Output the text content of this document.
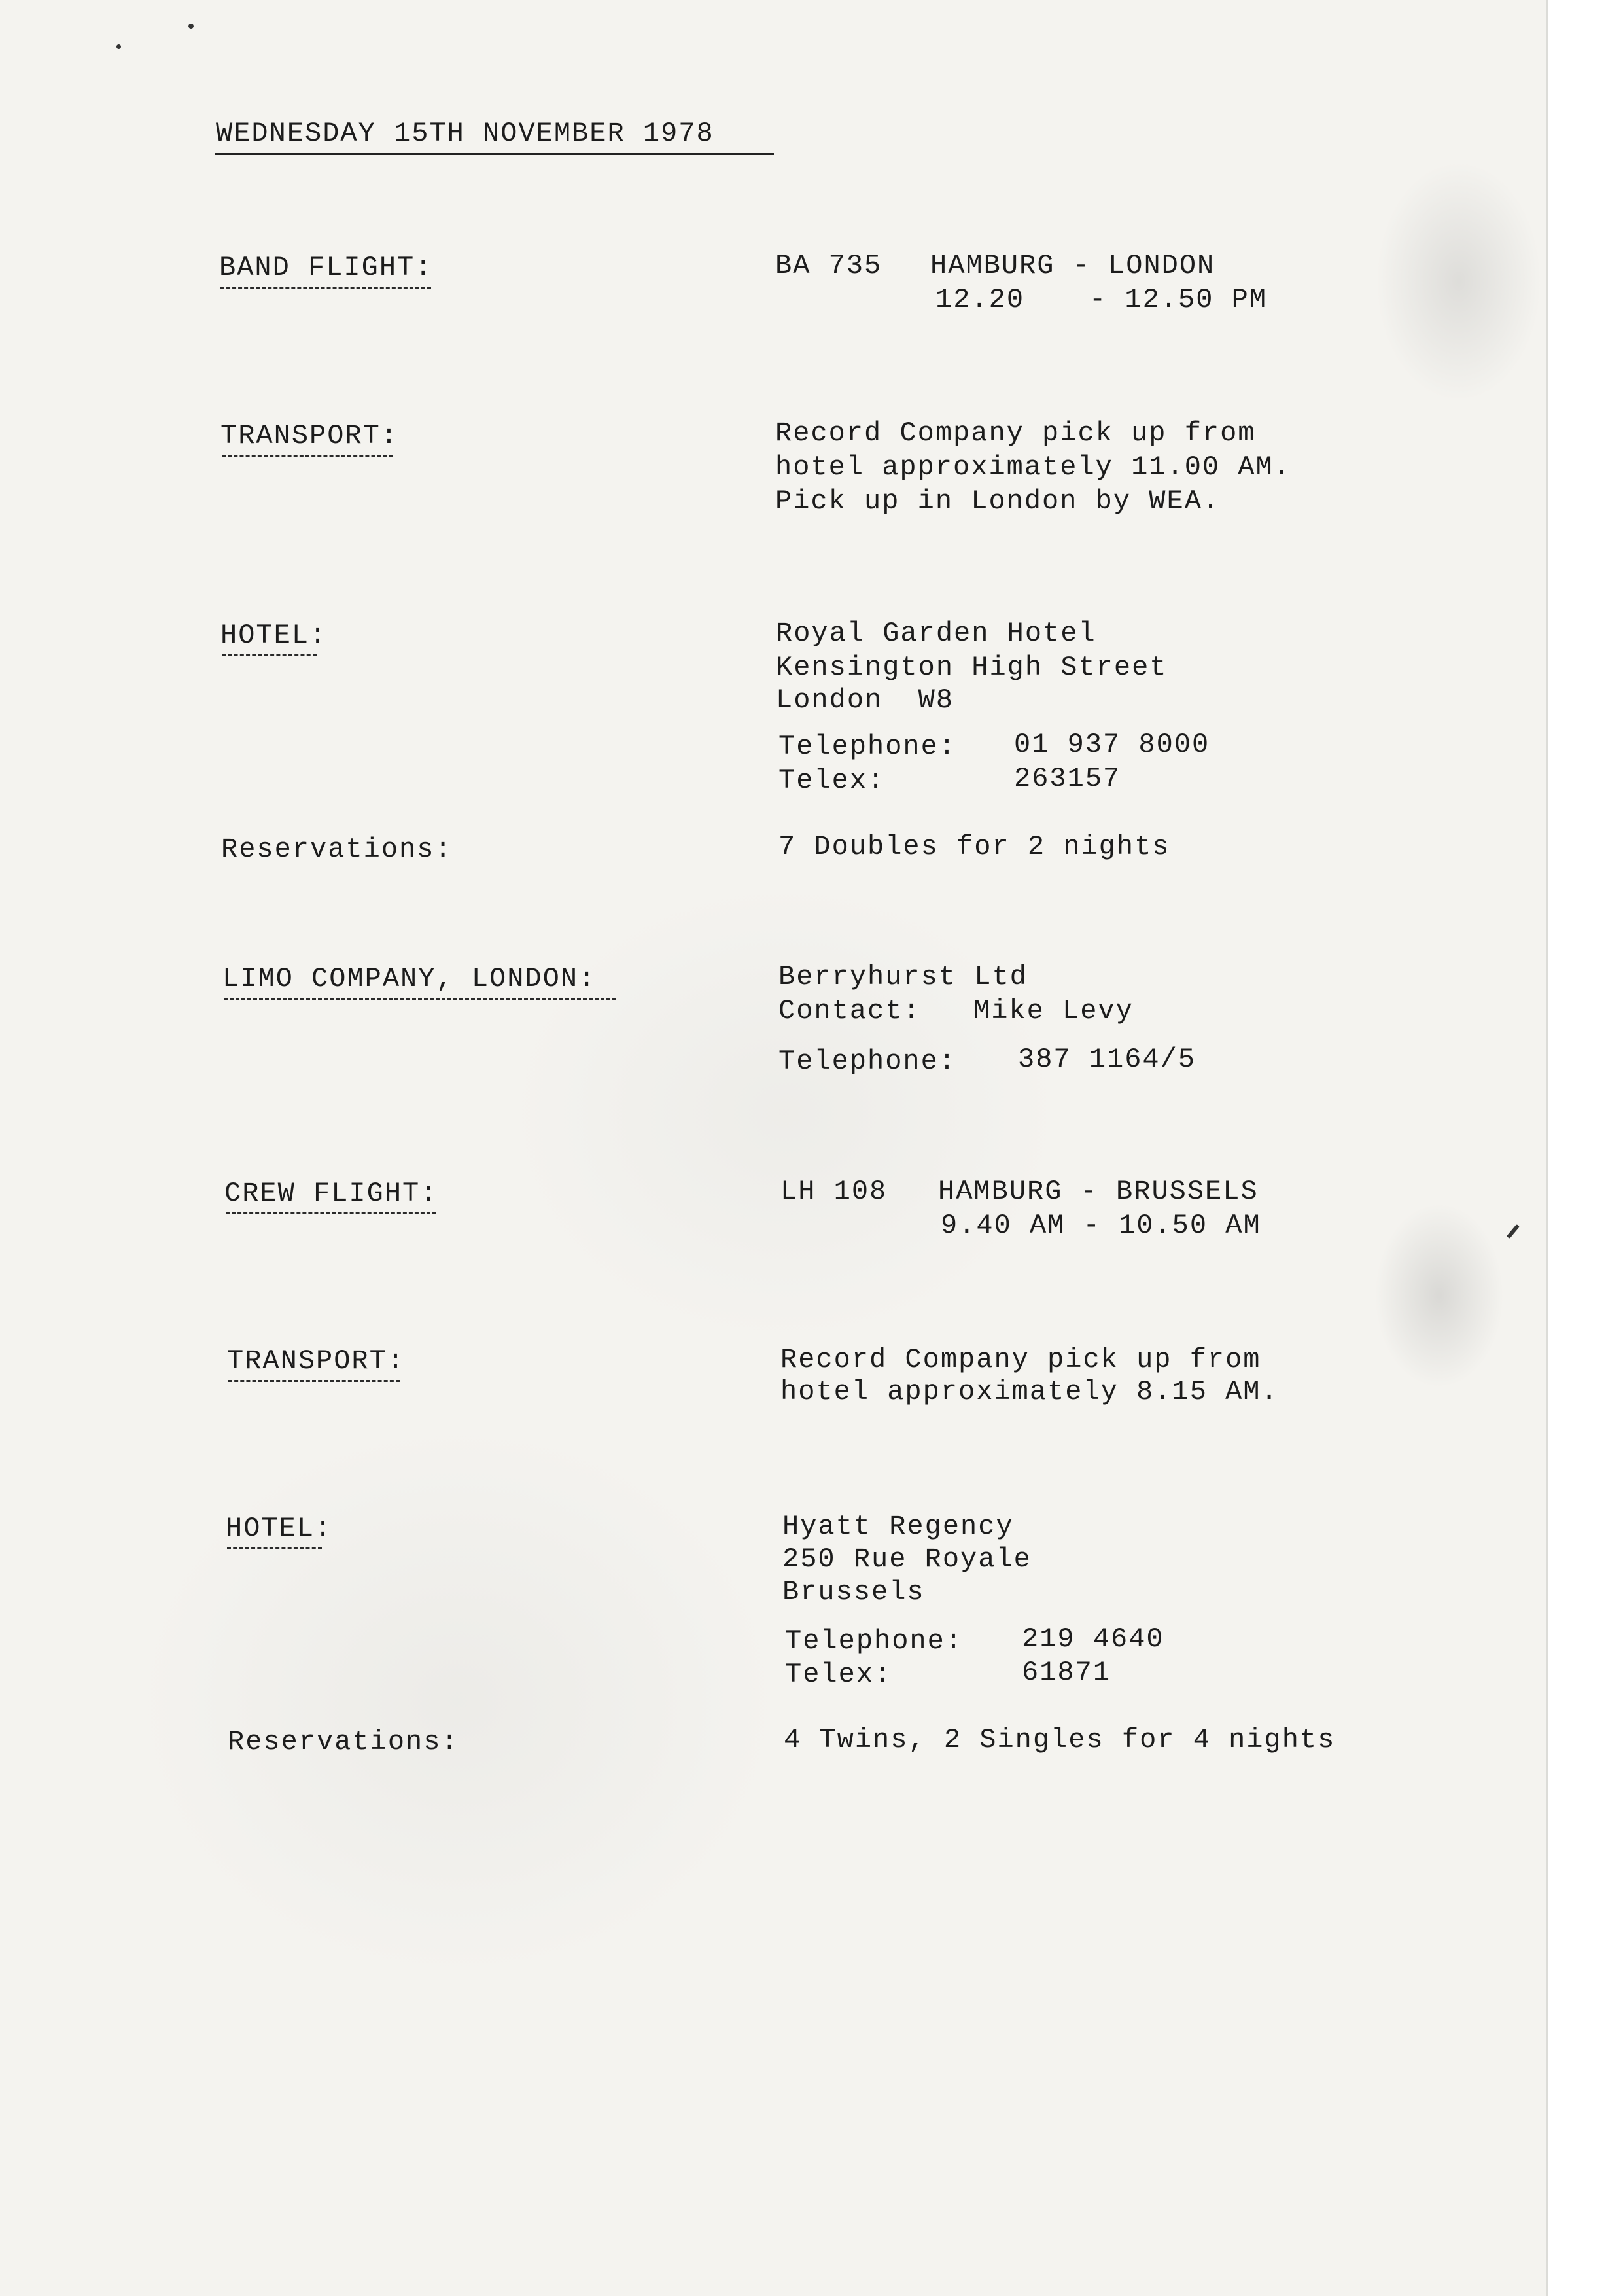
WEDNESDAY 15TH NOVEMBER 1978
BAND FLIGHT:	BA 735 HAMBURG - LONDON
12.20 - 12.50 PM
TRANSPORT:	Record Company pick up from
hotel approximately 11.00 AM.
Pick up in London by WEA.
HOTEL:	Royal Garden Hotel
Kensington High Street
London  W8
Telephone: 01 937 8000
Telex:	263157
Reservations:	7 Doubles for 2 nights
LIMO COMPANY, LONDON:	Berryhurst Ltd
Contact: Mike Levy
Telephone: 387 1164/5
CREW FLIGHT:	LH 108 HAMBURG - BRUSSELS
9.40 AM - 10.50 AM
TRANSPORT:	Record Company pick up from
hotel approximately 8.15 AM.
HOTEL:	Hyatt Regency
250 Rue Royale
Brussels
Telephone: 219 4640
Telex:	61871
Reservations:	4 Twins, 2 Singles for 4 nights
